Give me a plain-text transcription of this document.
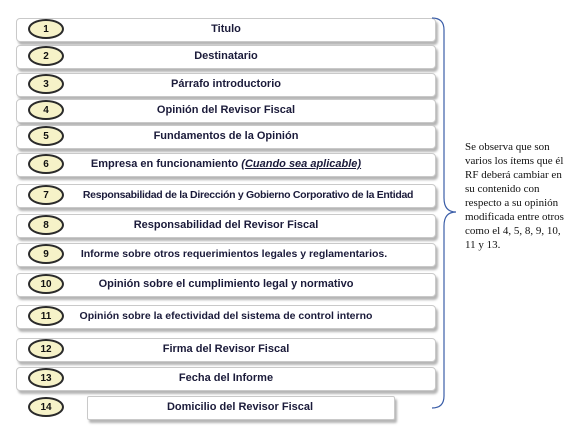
Titulo
1
Destinatario
2
Párrafo introductorio
3
Opinión del Revisor Fiscal
4
Fundamentos de la Opinión
5
Empresa en funcionamiento (Cuando sea aplicable)
6
Responsabilidad de la Dirección y Gobierno Corporativo de la Entidad
7
Responsabilidad del Revisor Fiscal
8
Informe sobre otros requerimientos legales y reglamentarios.
9
Opinión sobre el cumplimiento legal y normativo
10
Opinión sobre la efectividad del sistema de control interno
11
Firma del Revisor Fiscal
12
Fecha del Informe
13
Domicilio del Revisor Fiscal
14
Se observa que son varios los ítems que él RF deberá cambiar en su contenido con respecto a su opinión modificada entre otros como el 4, 5, 8, 9, 10, 11 y 13.
